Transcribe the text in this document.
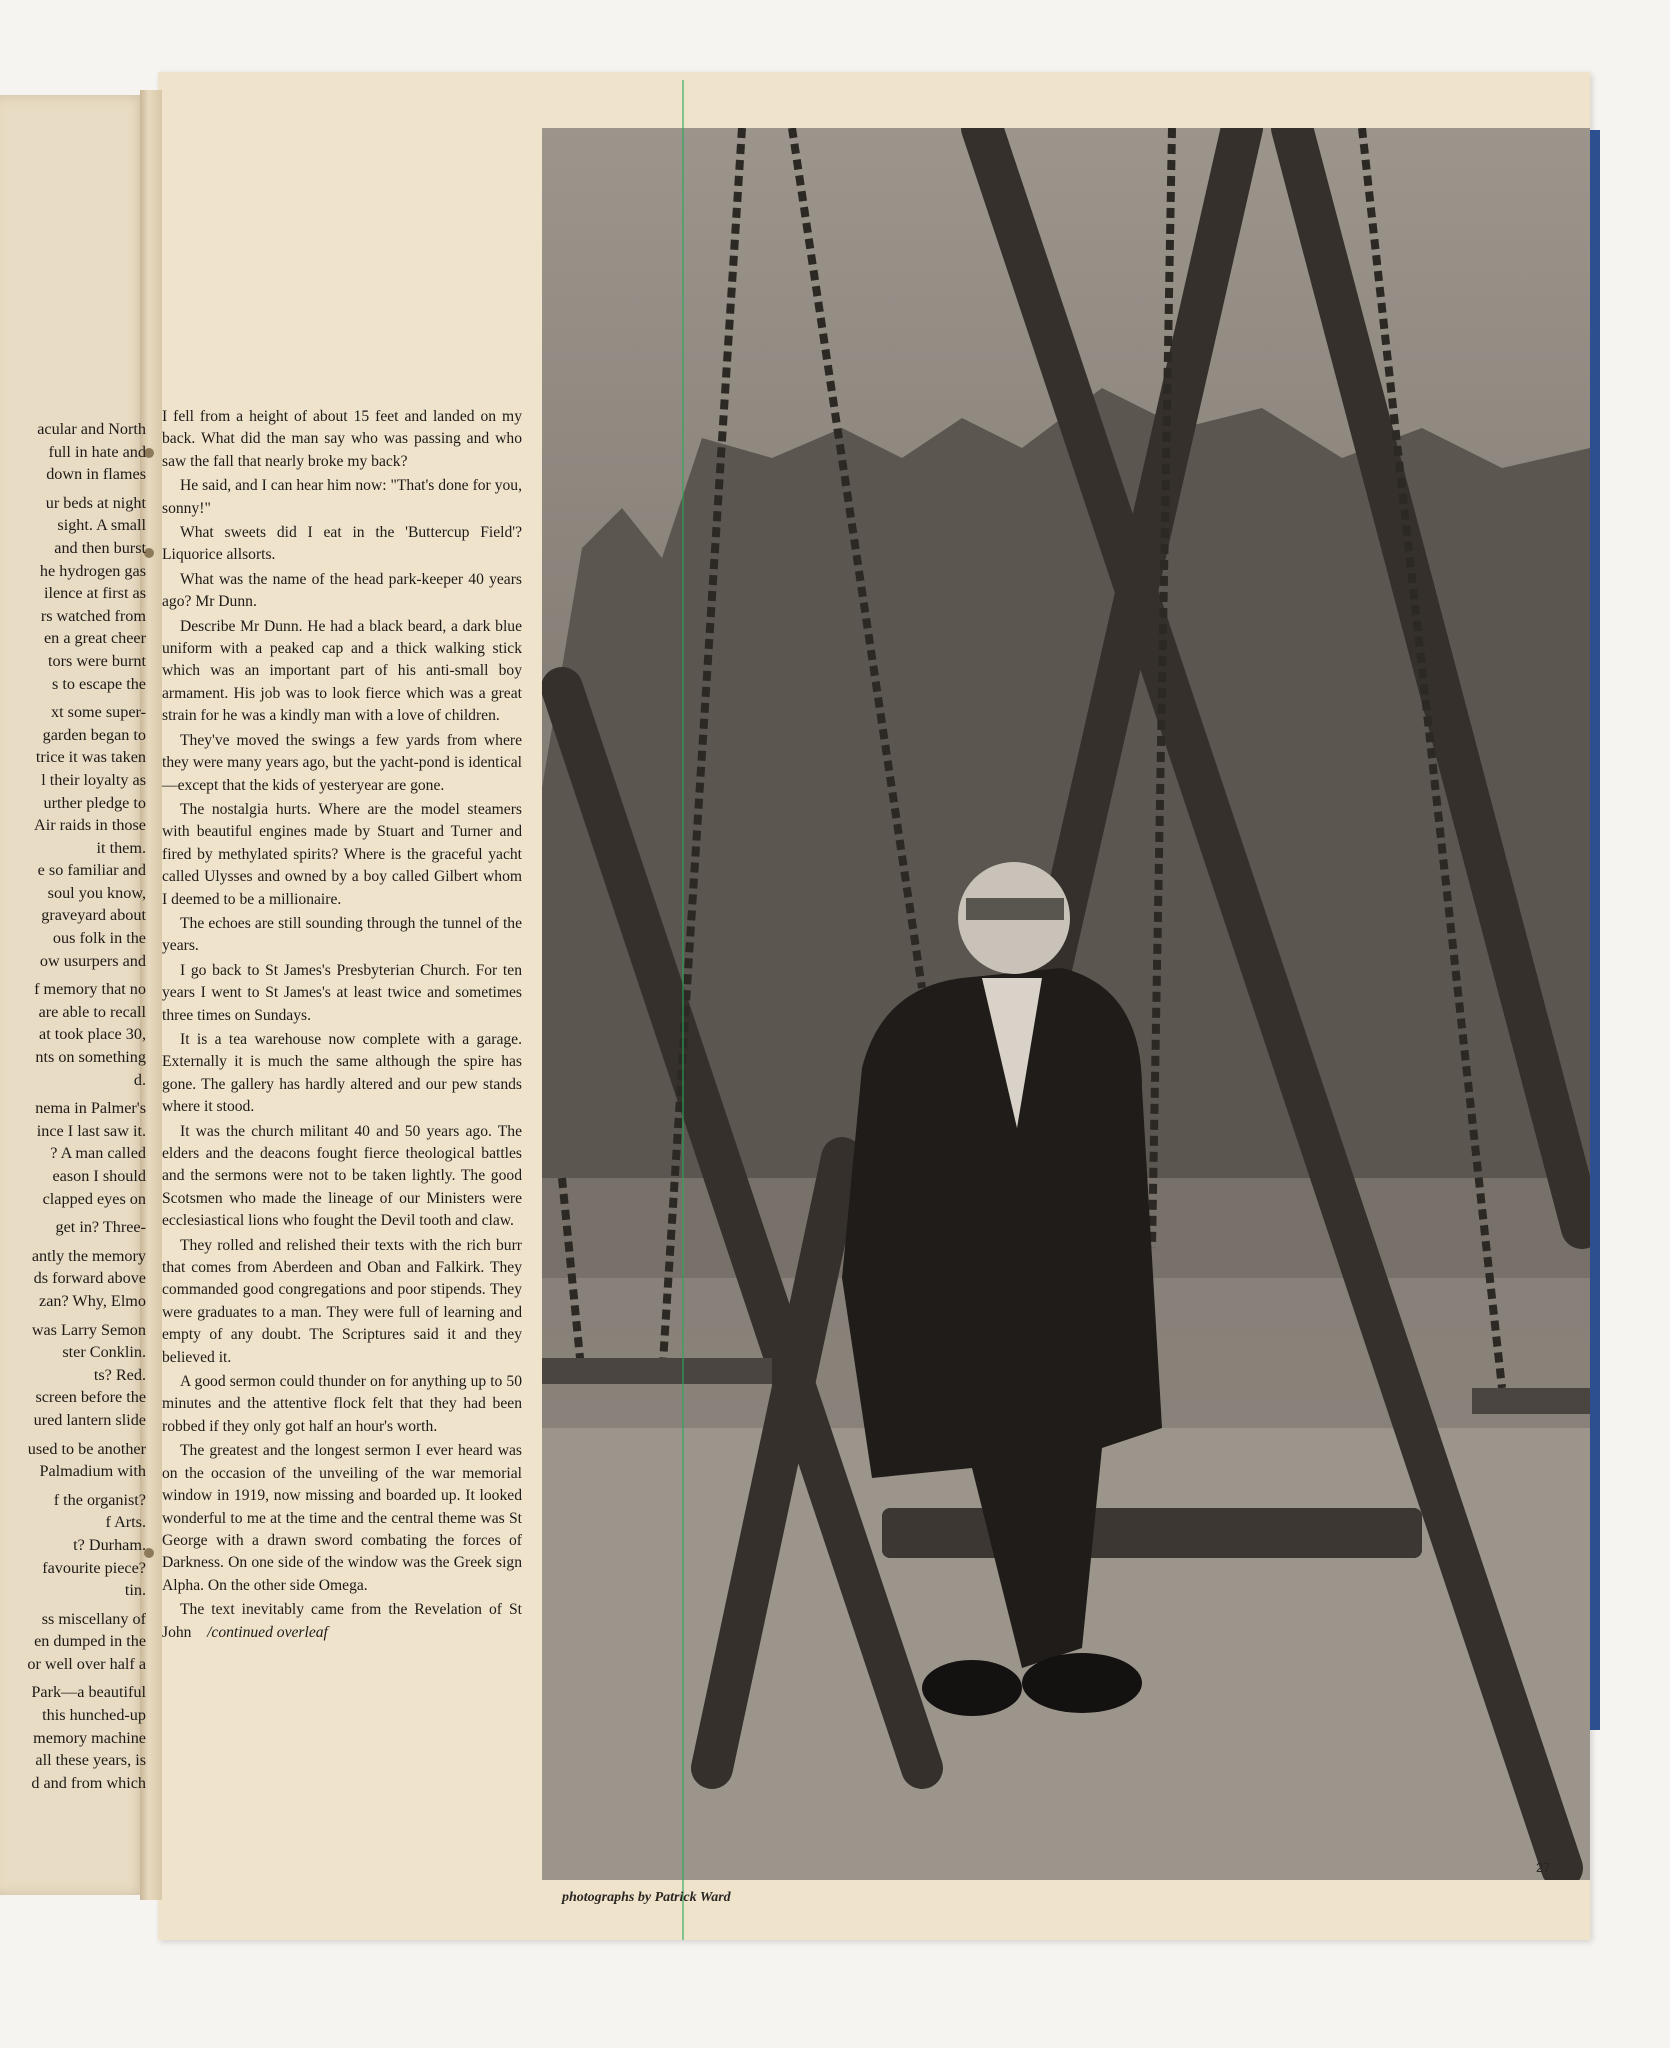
acular and North
full in hate and
down in flames

ur beds at night
sight. A small
and then burst
he hydrogen gas
ilence at first as
rs watched from
en a great cheer
tors were burnt
s to escape the

xt some super-
garden began to
trice it was taken
l their loyalty as
urther pledge to
Air raids in those
it them.
e so familiar and
soul you know,
graveyard about
ous folk in the
ow usurpers and

f memory that no
are able to recall
at took place 30,
nts on something
d.

nema in Palmer's
ince I last saw it.
? A man called
eason I should
clapped eyes on

get in? Three-

antly the memory
ds forward above
zan? Why, Elmo

was Larry Semon
ster Conklin.
ts? Red.
screen before the
ured lantern slide

used to be another
Palmadium with

f the organist?
f Arts.
t? Durham.
favourite piece?
tin.

ss miscellany of
en dumped in the
or well over half a

Park—a beautiful
this hunched-up
memory machine
all these years, is
d and from which

I fell from a height of about 15 feet and landed on my back. What did the man say who was passing and who saw the fall that nearly broke my back?

He said, and I can hear him now: "That's done for you, sonny!"

What sweets did I eat in the 'Buttercup Field'? Liquorice allsorts.

What was the name of the head park-keeper 40 years ago? Mr Dunn.

Describe Mr Dunn. He had a black beard, a dark blue uniform with a peaked cap and a thick walking stick which was an important part of his anti-small boy armament. His job was to look fierce which was a great strain for he was a kindly man with a love of children.

They've moved the swings a few yards from where they were many years ago, but the yacht-pond is identical—except that the kids of yesteryear are gone.

The nostalgia hurts. Where are the model steamers with beautiful engines made by Stuart and Turner and fired by methylated spirits? Where is the graceful yacht called Ulysses and owned by a boy called Gilbert whom I deemed to be a millionaire.

The echoes are still sounding through the tunnel of the years.

I go back to St James's Presbyterian Church. For ten years I went to St James's at least twice and sometimes three times on Sundays.

It is a tea warehouse now complete with a garage. Externally it is much the same although the spire has gone. The gallery has hardly altered and our pew stands where it stood.

It was the church militant 40 and 50 years ago. The elders and the deacons fought fierce theological battles and the sermons were not to be taken lightly. The good Scotsmen who made the lineage of our Ministers were ecclesiastical lions who fought the Devil tooth and claw.

They rolled and relished their texts with the rich burr that comes from Aberdeen and Oban and Falkirk. They commanded good congregations and poor stipends. They were graduates to a man. They were full of learning and empty of any doubt. The Scriptures said it and they believed it.

A good sermon could thunder on for anything up to 50 minutes and the attentive flock felt that they had been robbed if they only got half an hour's worth.

The greatest and the longest sermon I ever heard was on the occasion of the unveiling of the war memorial window in 1919, now missing and boarded up. It looked wonderful to me at the time and the central theme was St George with a drawn sword combating the forces of Darkness. On one side of the window was the Greek sign Alpha. On the other side Omega.

The text inevitably came from the Revelation of St John /continued overleaf

27
photographs by Patrick Ward
